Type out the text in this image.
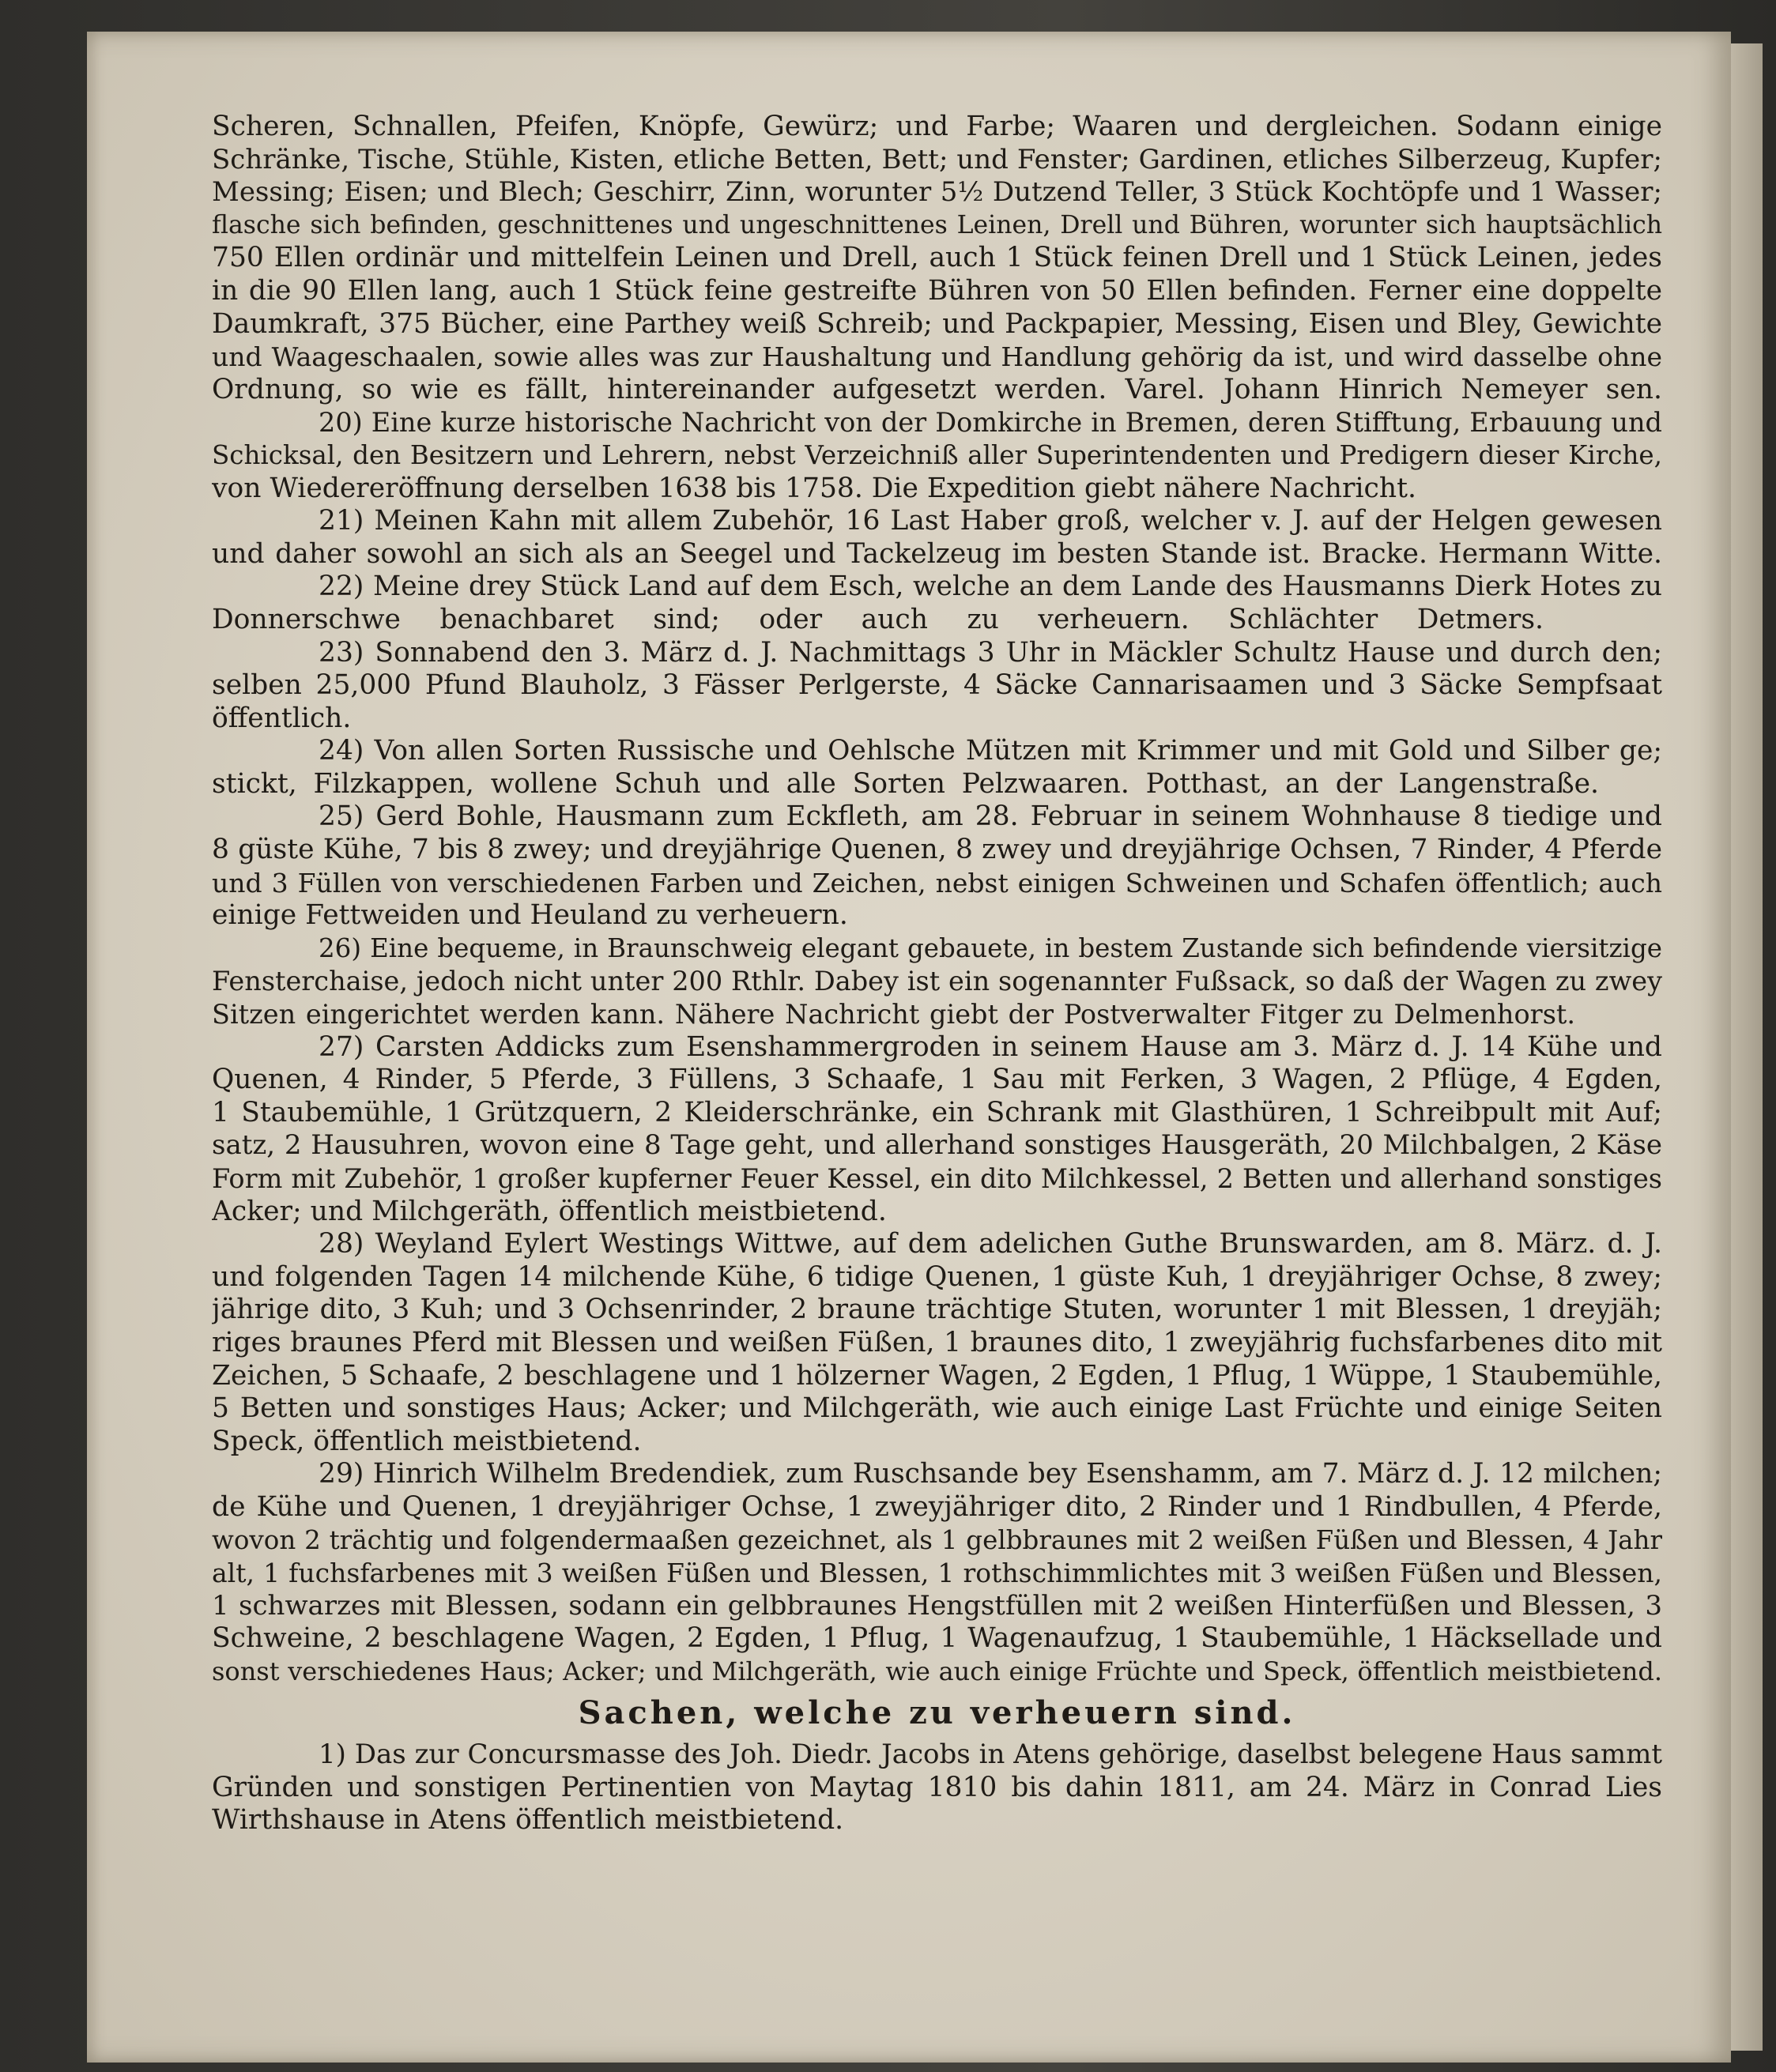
Scheren, Schnallen, Pfeifen, Knöpfe, Gewürz; und Farbe; Waaren und dergleichen. Sodann einige
Schränke, Tische, Stühle, Kisten, etliche Betten, Bett; und Fenster; Gardinen, etliches Silberzeug, Kupfer;
Messing; Eisen; und Blech; Geschirr, Zinn, worunter 5½ Dutzend Teller, 3 Stück Kochtöpfe und 1 Wasser;
flasche sich befinden, geschnittenes und ungeschnittenes Leinen, Drell und Bühren, worunter sich hauptsächlich
750 Ellen ordinär und mittelfein Leinen und Drell, auch 1 Stück feinen Drell und 1 Stück Leinen, jedes
in die 90 Ellen lang, auch 1 Stück feine gestreifte Bühren von 50 Ellen befinden. Ferner eine doppelte
Daumkraft, 375 Bücher, eine Parthey weiß Schreib; und Packpapier, Messing, Eisen und Bley, Gewichte
und Waageschaalen, sowie alles was zur Haushaltung und Handlung gehörig da ist, und wird dasselbe ohne
Ordnung, so wie es fällt, hintereinander aufgesetzt werden. Varel. Johann Hinrich Nemeyer sen.
20) Eine kurze historische Nachricht von der Domkirche in Bremen, deren Stifftung, Erbauung und
Schicksal, den Besitzern und Lehrern, nebst Verzeichniß aller Superintendenten und Predigern dieser Kirche,
von Wiedereröffnung derselben 1638 bis 1758. Die Expedition giebt nähere Nachricht.
21) Meinen Kahn mit allem Zubehör, 16 Last Haber groß, welcher v. J. auf der Helgen gewesen
und daher sowohl an sich als an Seegel und Tackelzeug im besten Stande ist. Bracke. Hermann Witte.
22) Meine drey Stück Land auf dem Esch, welche an dem Lande des Hausmanns Dierk Hotes zu
Donnerschwe benachbaret sind; oder auch zu verheuern. Schlächter Detmers.
23) Sonnabend den 3. März d. J. Nachmittags 3 Uhr in Mäckler Schultz Hause und durch den;
selben 25,000 Pfund Blauholz, 3 Fässer Perlgerste, 4 Säcke Cannarisaamen und 3 Säcke Sempfsaat
öffentlich.
24) Von allen Sorten Russische und Oehlsche Mützen mit Krimmer und mit Gold und Silber ge;
stickt, Filzkappen, wollene Schuh und alle Sorten Pelzwaaren. Potthast, an der Langenstraße.
25) Gerd Bohle, Hausmann zum Eckfleth, am 28. Februar in seinem Wohnhause 8 tiedige und
8 güste Kühe, 7 bis 8 zwey; und dreyjährige Quenen, 8 zwey und dreyjährige Ochsen, 7 Rinder, 4 Pferde
und 3 Füllen von verschiedenen Farben und Zeichen, nebst einigen Schweinen und Schafen öffentlich; auch
einige Fettweiden und Heuland zu verheuern.
26) Eine bequeme, in Braunschweig elegant gebauete, in bestem Zustande sich befindende viersitzige
Fensterchaise, jedoch nicht unter 200 Rthlr. Dabey ist ein sogenannter Fußsack, so daß der Wagen zu zwey
Sitzen eingerichtet werden kann. Nähere Nachricht giebt der Postverwalter Fitger zu Delmenhorst.
27) Carsten Addicks zum Esenshammergroden in seinem Hause am 3. März d. J. 14 Kühe und
Quenen, 4 Rinder, 5 Pferde, 3 Füllens, 3 Schaafe, 1 Sau mit Ferken, 3 Wagen, 2 Pflüge, 4 Egden,
1 Staubemühle, 1 Grützquern, 2 Kleiderschränke, ein Schrank mit Glasthüren, 1 Schreibpult mit Auf;
satz, 2 Hausuhren, wovon eine 8 Tage geht, und allerhand sonstiges Hausgeräth, 20 Milchbalgen, 2 Käse
Form mit Zubehör, 1 großer kupferner Feuer Kessel, ein dito Milchkessel, 2 Betten und allerhand sonstiges
Acker; und Milchgeräth, öffentlich meistbietend.
28) Weyland Eylert Westings Wittwe, auf dem adelichen Guthe Brunswarden, am 8. März. d. J.
und folgenden Tagen 14 milchende Kühe, 6 tidige Quenen, 1 güste Kuh, 1 dreyjähriger Ochse, 8 zwey;
jährige dito, 3 Kuh; und 3 Ochsenrinder, 2 braune trächtige Stuten, worunter 1 mit Blessen, 1 dreyjäh;
riges braunes Pferd mit Blessen und weißen Füßen, 1 braunes dito, 1 zweyjährig fuchsfarbenes dito mit
Zeichen, 5 Schaafe, 2 beschlagene und 1 hölzerner Wagen, 2 Egden, 1 Pflug, 1 Wüppe, 1 Staubemühle,
5 Betten und sonstiges Haus; Acker; und Milchgeräth, wie auch einige Last Früchte und einige Seiten
Speck, öffentlich meistbietend.
29) Hinrich Wilhelm Bredendiek, zum Ruschsande bey Esenshamm, am 7. März d. J. 12 milchen;
de Kühe und Quenen, 1 dreyjähriger Ochse, 1 zweyjähriger dito, 2 Rinder und 1 Rindbullen, 4 Pferde,
wovon 2 trächtig und folgendermaaßen gezeichnet, als 1 gelbbraunes mit 2 weißen Füßen und Blessen, 4 Jahr
alt, 1 fuchsfarbenes mit 3 weißen Füßen und Blessen, 1 rothschimmlichtes mit 3 weißen Füßen und Blessen,
1 schwarzes mit Blessen, sodann ein gelbbraunes Hengstfüllen mit 2 weißen Hinterfüßen und Blessen, 3
Schweine, 2 beschlagene Wagen, 2 Egden, 1 Pflug, 1 Wagenaufzug, 1 Staubemühle, 1 Häcksellade und
sonst verschiedenes Haus; Acker; und Milchgeräth, wie auch einige Früchte und Speck, öffentlich meistbietend.
Sachen, welche zu verheuern sind.
1) Das zur Concursmasse des Joh. Diedr. Jacobs in Atens gehörige, daselbst belegene Haus sammt
Gründen und sonstigen Pertinentien von Maytag 1810 bis dahin 1811, am 24. März in Conrad Lies
Wirthshause in Atens öffentlich meistbietend.
